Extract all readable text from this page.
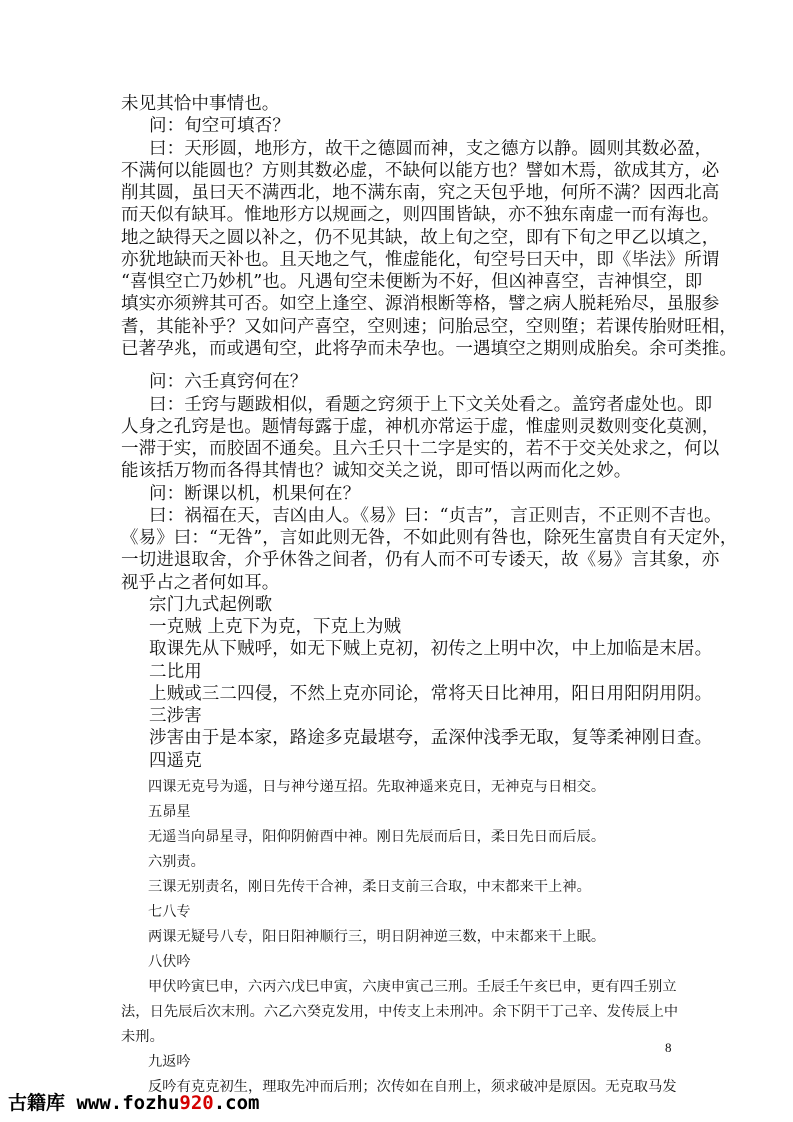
未见其恰中事情也。
问：旬空可填否？
曰：天形圆，地形方，故干之德圆而神，支之德方以静。圆则其数必盈，
不满何以能圆也？方则其数必虚，不缺何以能方也？譬如木焉，欲成其方，必
削其圆，虽曰天不满西北，地不满东南，究之天包乎地，何所不满？因西北高
而天似有缺耳。惟地形方以规画之，则四围皆缺，亦不独东南虚一而有海也。
地之缺得天之圆以补之，仍不见其缺，故上旬之空，即有下旬之甲乙以填之，
亦犹地缺而天补也。且天地之气，惟虚能化，旬空号曰天中，即《毕法》所谓
“喜惧空亡乃妙机”也。凡遇旬空未便断为不好，但凶神喜空，吉神惧空，即
填实亦须辨其可否。如空上逢空、源消根断等格，譬之病人脱耗殆尽，虽服参
耆，其能补乎？又如问产喜空，空则速；问胎忌空，空则堕；若课传胎财旺相，
已著孕兆，而或遇旬空，此将孕而未孕也。一遇填空之期则成胎矣。余可类推。
问：六壬真窍何在？
曰：壬窍与题跋相似，看题之窍须于上下文关处看之。盖窍者虚处也。即
人身之孔窍是也。题情每露于虚，神机亦常运于虚，惟虚则灵数则变化莫测，
一滞于实，而胶固不通矣。且六壬只十二字是实的，若不于交关处求之，何以
能该括万物而各得其情也？诚知交关之说，即可悟以两而化之妙。
问：断课以机，机果何在？
曰：祸福在天，吉凶由人。《易》曰：“贞吉”，言正则吉，不正则不吉也。
《易》曰：“无咎”，言如此则无咎，不如此则有咎也，除死生富贵自有天定外，
一切进退取舍，介乎休咎之间者，仍有人而不可专诿天，故《易》言其象，亦
视乎占之者何如耳。
宗门九式起例歌
一克贼 上克下为克，下克上为贼
取课先从下贼呼，如无下贼上克初，初传之上明中次，中上加临是末居。
二比用
上贼或三二四侵，不然上克亦同论，常将天日比神用，阳日用阳阴用阴。
三涉害
涉害由于是本家，路途多克最堪夸，孟深仲浅季无取，复等柔神刚日查。
四遥克
四课无克号为遥，日与神兮递互招。先取神遥来克日，无神克与日相交。
五昴星
无遥当向昴星寻，阳仰阴俯酉中神。刚日先辰而后日，柔日先日而后辰。
六别责。
三课无别责名，刚日先传干合神，柔日支前三合取，中末都来干上神。
七八专
两课无疑号八专，阳日阳神顺行三，明日阴神逆三数，中末都来干上眠。
八伏吟
甲伏吟寅巳申，六丙六戊巳申寅，六庚申寅己三刑。壬辰壬午亥巳申，更有四壬别立
法，日先辰后次末刑。六乙六癸克发用，中传支上未刑冲。余下阴干丁己辛、发传辰上中
未刑。
九返吟
反吟有克克初生，理取先冲而后刑；次传如在自刑上，须求破冲是原因。无克取马发
8
古籍库 www.fozhu920.com
